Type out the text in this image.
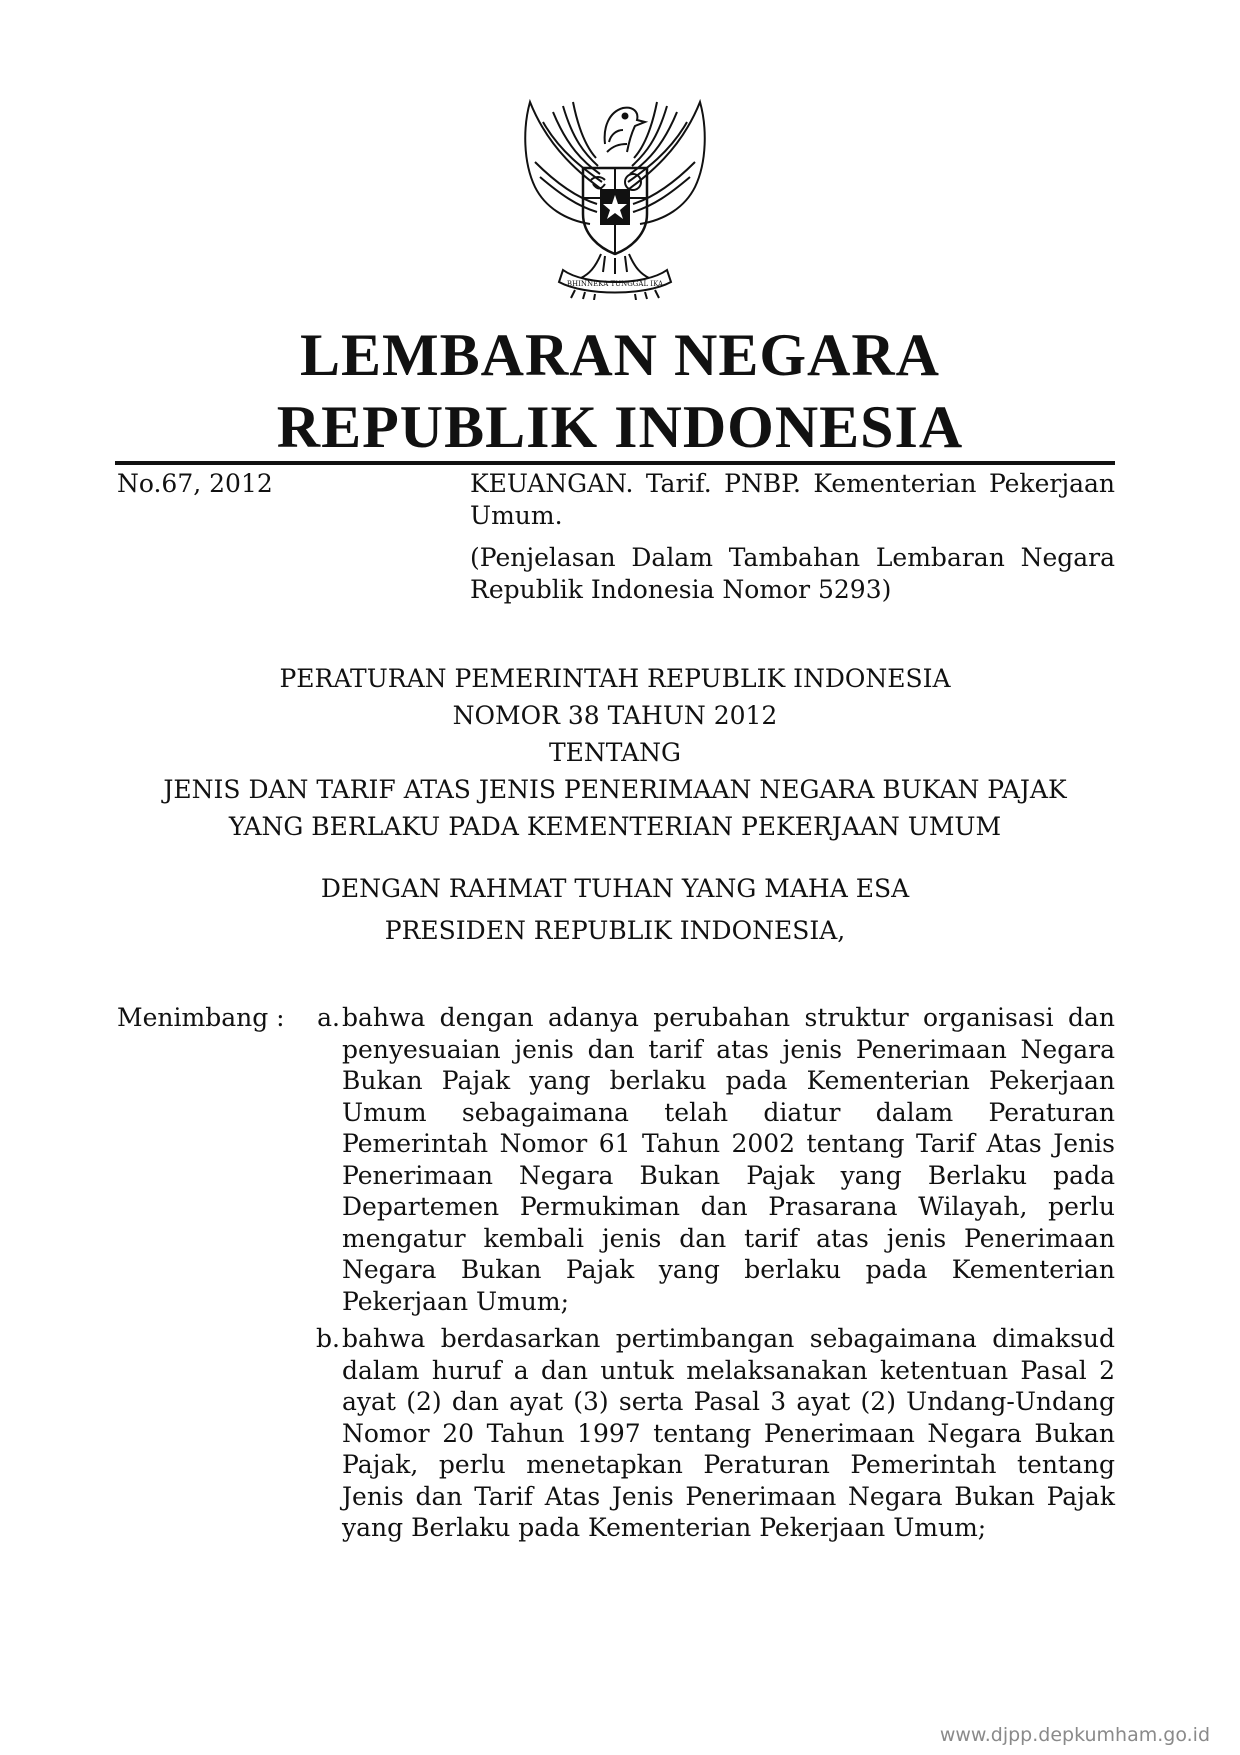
BHINNEKA TUNGGAL IKA
LEMBARAN NEGARA
REPUBLIK INDONESIA
No.67, 2012	KEUANGAN. Tarif. PNBP. Kementerian Pekerjaan Umum.

(Penjelasan Dalam Tambahan Lembaran Negara Republik Indonesia Nomor 5293)

PERATURAN PEMERINTAH REPUBLIK INDONESIA
NOMOR 38 TAHUN 2012
TENTANG
JENIS DAN TARIF ATAS JENIS PENERIMAAN NEGARA BUKAN PAJAK
YANG BERLAKU PADA KEMENTERIAN PEKERJAAN UMUM
DENGAN RAHMAT TUHAN YANG MAHA ESA
PRESIDEN REPUBLIK INDONESIA,
Menimbang :	a. bahwa dengan adanya perubahan struktur organisasi dan penyesuaian jenis dan tarif atas jenis Penerimaan Negara Bukan Pajak yang berlaku pada Kementerian Pekerjaan Umum sebagaimana telah diatur dalam Peraturan Pemerintah Nomor 61 Tahun 2002 tentang Tarif Atas Jenis Penerimaan Negara Bukan Pajak yang Berlaku pada Departemen Permukiman dan Prasarana Wilayah, perlu mengatur kembali jenis dan tarif atas jenis Penerimaan Negara Bukan Pajak yang berlaku pada Kementerian Pekerjaan Umum;
b. bahwa berdasarkan pertimbangan sebagaimana dimaksud dalam huruf a dan untuk melaksanakan ketentuan Pasal 2 ayat (2) dan ayat (3) serta Pasal 3 ayat (2) Undang-Undang Nomor 20 Tahun 1997 tentang Penerimaan Negara Bukan Pajak, perlu menetapkan Peraturan Pemerintah tentang Jenis dan Tarif Atas Jenis Penerimaan Negara Bukan Pajak yang Berlaku pada Kementerian Pekerjaan Umum;
www.djpp.depkumham.go.id
